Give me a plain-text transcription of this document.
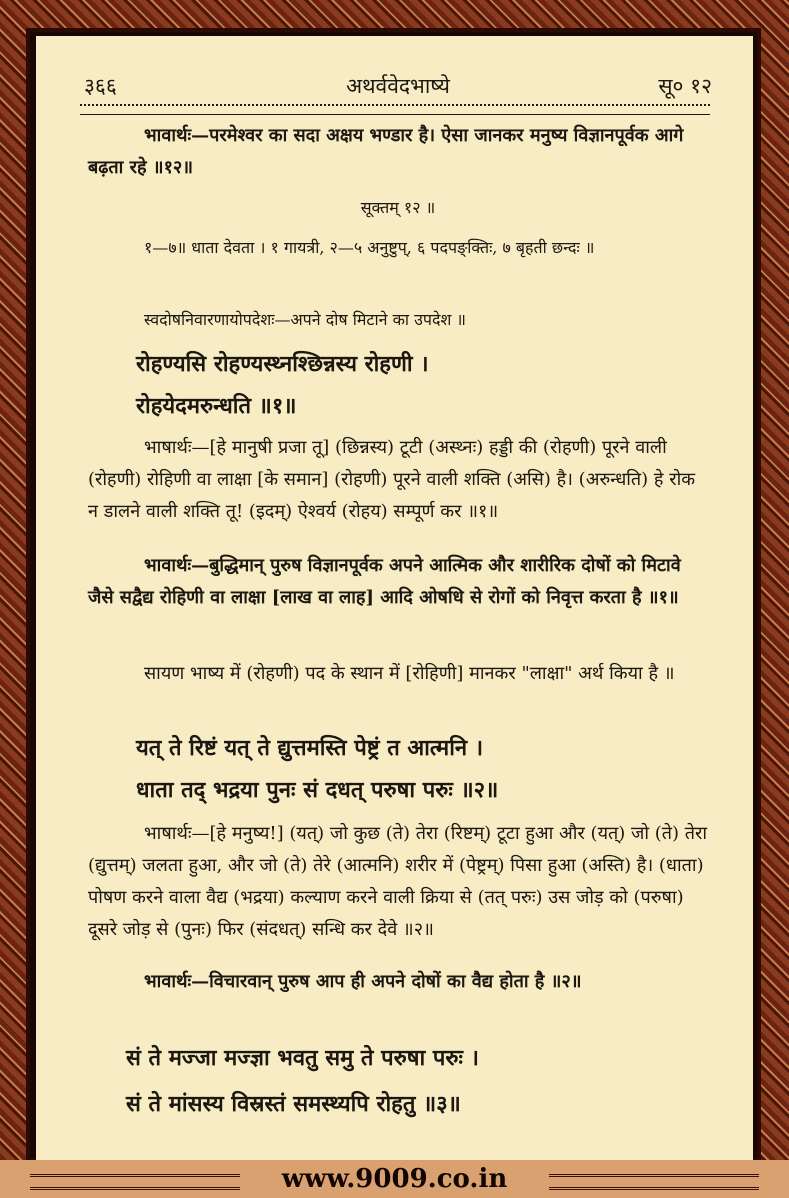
३६६	अथर्ववेदभाष्ये	सू० १२
भावार्थः—परमेश्वर का सदा अक्षय भण्डार है। ऐसा जानकर मनुष्य विज्ञानपूर्वक आगे बढ़ता रहे ॥१२॥
सूक्तम् १२ ॥
१—७॥ धाता देवता । १ गायत्री, २—५ अनुष्टुप्, ६ पदपङ्क्तिः, ७ बृहती छन्दः ॥
स्वदोषनिवारणायोपदेशः—अपने दोष मिटाने का उपदेश ॥
रोहण्यसि रोहण्यस्थ्नश्छिन्नस्य रोहणी ।
रोहयेदमरुन्धति ॥१॥
भाषार्थः—[हे मानुषी प्रजा तू] (छिन्नस्य) टूटी (अस्थ्नः) हड्डी की (रोहणी) पूरने वाली (रोहणी) रोहिणी वा लाक्षा [के समान] (रोहणी) पूरने वाली शक्ति (असि) है। (अरुन्धति) हे रोक न डालने वाली शक्ति तू! (इदम्) ऐश्वर्य (रोहय) सम्पूर्ण कर ॥१॥
भावार्थः—बुद्धिमान् पुरुष विज्ञानपूर्वक अपने आत्मिक और शारीरिक दोषों को मिटावे जैसे सद्वैद्य रोहिणी वा लाक्षा [लाख वा लाह] आदि ओषधि से रोगों को निवृत्त करता है ॥१॥
सायण भाष्य में (रोहणी) पद के स्थान में [रोहिणी] मानकर "लाक्षा" अर्थ किया है ॥
यत् ते रिष्टं यत् ते द्युत्तमस्ति पेष्ट्रं त आत्मनि ।
धाता तद् भद्रया पुनः सं दधत् परुषा परुः ॥२॥
भाषार्थः—[हे मनुष्य!] (यत्) जो कुछ (ते) तेरा (रिष्टम्) टूटा हुआ और (यत्) जो (ते) तेरा (द्युत्तम्) जलता हुआ, और जो (ते) तेरे (आत्मनि) शरीर में (पेष्ट्रम्) पिसा हुआ (अस्ति) है। (धाता) पोषण करने वाला वैद्य (भद्रया) कल्याण करने वाली क्रिया से (तत् परुः) उस जोड़ को (परुषा) दूसरे जोड़ से (पुनः) फिर (संदधत्) सन्धि कर देवे ॥२॥
भावार्थः—विचारवान् पुरुष आप ही अपने दोषों का वैद्य होता है ॥२॥
सं ते मज्जा मज्ज्ञा भवतु समु ते परुषा परुः ।
सं ते मांसस्य विस्रस्तं समस्थ्यपि रोहतु ॥३॥
www.9009.co.in
